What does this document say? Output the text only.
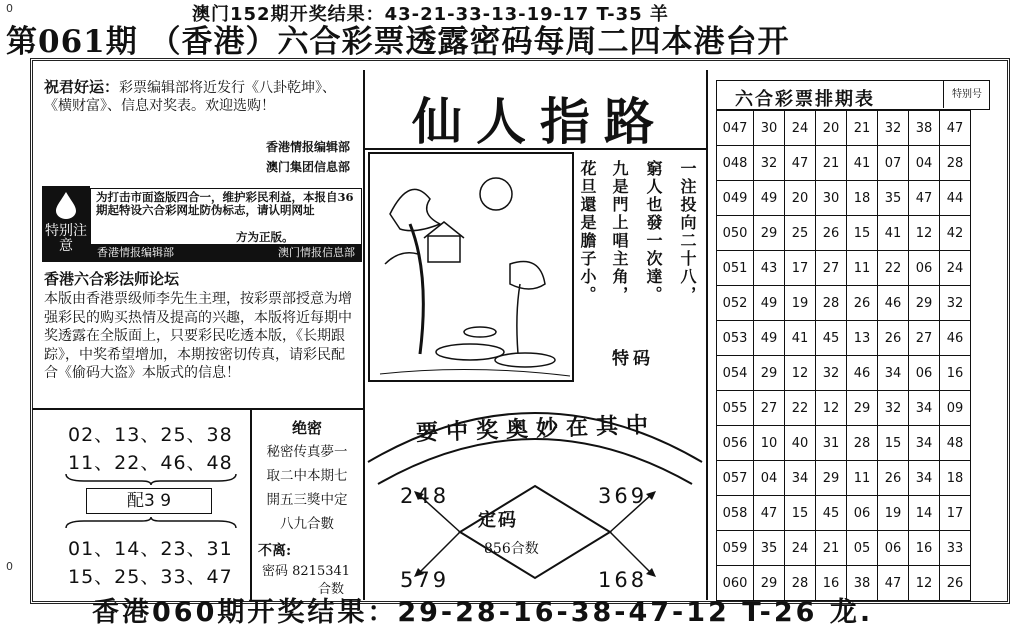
澳门152期开奖结果：43-21-33-13-19-17 T-35 羊
0
0
第061期 （香港）六合彩票透露密码每周二四本港台开
祝君好运：彩票编辑部将近发行《八卦乾坤》、《横财富》、信息对奖表。欢迎选购！
香港情报编辑部
澳门集团信息部
特别注意
为打击市面盗版四合一，维护彩民利益，本报自36期起特设六合彩网址防伪标志，请认明网址
方为正版。
香港情报编辑部	澳门情报信息部
香港六合彩法师论坛
本版由香港票级师李先生主理，按彩票部授意为增强彩民的购买热情及提高的兴趣，本版将近每期中奖透露在全版面上，只要彩民吃透本版，《长期跟踪》，中奖希望增加，本期按密切传真，请彩民配合《偷码大盗》本版式的信息！
02、13、25、38
11、22、46、48
配3 9
01、14、23、31
15、25、33、47
绝密
秘密传真夢一
取二中本期七
開五三獎中定
八九合數
不离:
密码 8215341
合数
仙人指路
一注投向二十八，
窮人也發一次達。
九是門上唱主角，
花旦還是膽子小。
特码
要中奖奥妙在其中
248	369
579	168
定码
856合数
六合彩票排期表	特别号
047	30	24	20	21	32	38	47
048	32	47	21	41	07	04	28
049	49	20	30	18	35	47	44
050	29	25	26	15	41	12	42
051	43	17	27	11	22	06	24
052	49	19	28	26	46	29	32
053	49	41	45	13	26	27	46
054	29	12	32	46	34	06	16
055	27	22	12	29	32	34	09
056	10	40	31	28	15	34	48
057	04	34	29	11	26	34	18
058	47	15	45	06	19	14	17
059	35	24	21	05	06	16	33
060	29	28	16	38	47	12	26
香港060期开奖结果：29-28-16-38-47-12 T-26 龙.
